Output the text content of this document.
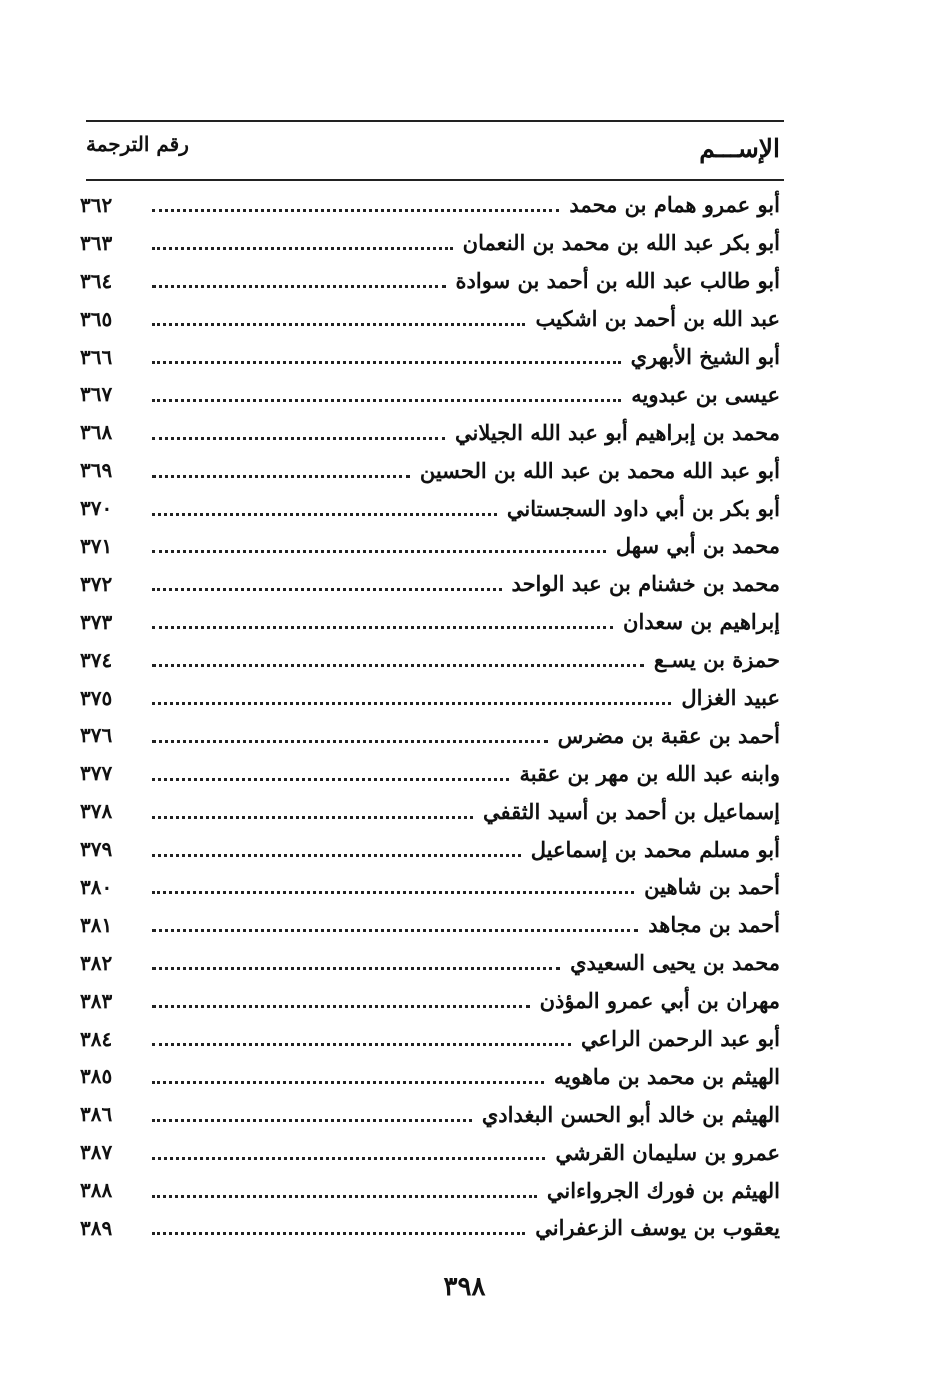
الإســـم
رقم الترجمة
أبو عمرو همام بن محمد
٣٦٢
أبو بكر عبد الله بن محمد بن النعمان
٣٦٣
أبو طالب عبد الله بن أحمد بن سوادة
٣٦٤
عبد الله بن أحمد بن اشكيب
٣٦٥
أبو الشيخ الأبهري
٣٦٦
عيسى بن عبدويه
٣٦٧
محمد بن إبراهيم أبو عبد الله الجيلاني
٣٦٨
أبو عبد الله محمد بن عبد الله بن الحسين
٣٦٩
أبو بكر بن أبي داود السجستاني
٣٧٠
محمد بن أبي سهل
٣٧١
محمد بن خشنام بن عبد الواحد
٣٧٢
إبراهيم بن سعدان
٣٧٣
حمزة بن يسـع
٣٧٤
عبيد الغزال
٣٧٥
أحمد بن عقبة بن مضرس
٣٧٦
وابنه عبد الله بن مهر بن عقبة
٣٧٧
إسماعيل بن أحمد بن أسيد الثقفي
٣٧٨
أبو مسلم محمد بن إسماعيل
٣٧٩
أحمد بن شاهين
٣٨٠
أحمد بن مجاهد
٣٨١
محمد بن يحيى السعيدي
٣٨٢
مهران بن أبي عمرو المؤذن
٣٨٣
أبو عبد الرحمن الراعي
٣٨٤
الهيثم بن محمد بن ماهويه
٣٨٥
الهيثم بن خالد أبو الحسن البغدادي
٣٨٦
عمرو بن سليمان القرشي
٣٨٧
الهيثم بن فورك الجرواءاني
٣٨٨
يعقوب بن يوسف الزعفراني
٣٨٩
٣٩٨
